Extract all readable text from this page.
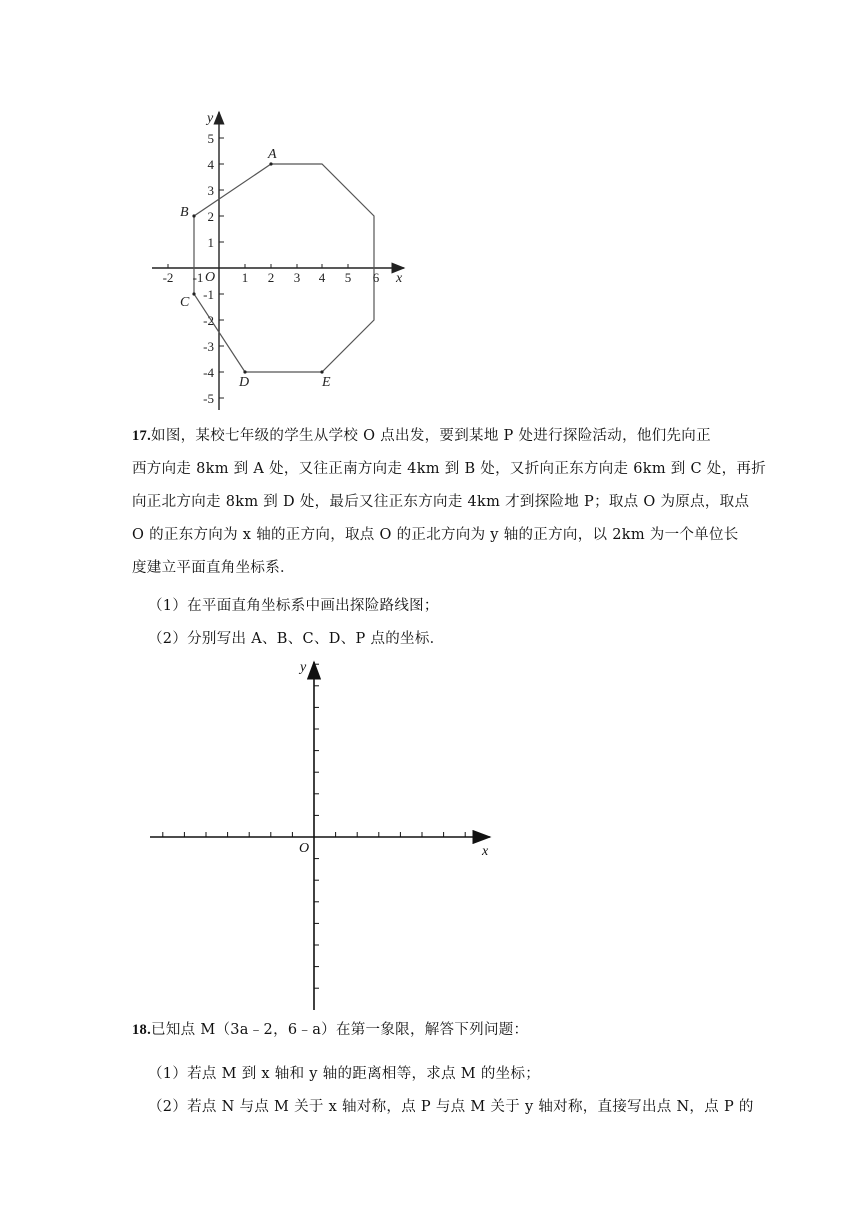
-2 -1	1 2 3 4 5 6
5
4
3
2
1
-1
-2
-3
-4
-5
O	x
y
A
B
C
D	E
17.如图，某校七年级的学生从学校 O 点出发，要到某地 P 处进行探险活动，他们先向正
西方向走 8km 到 A 处，又往正南方向走 4km 到 B 处，又折向正东方向走 6km 到 C 处，再折
向正北方向走 8km 到 D 处，最后又往正东方向走 4km 才到探险地 P；取点 O 为原点，取点
O 的正东方向为 x 轴的正方向，取点 O 的正北方向为 y 轴的正方向，以 2km 为一个单位长
度建立平面直角坐标系．
（1）在平面直角坐标系中画出探险路线图；
（2）分别写出 A、B、C、D、P 点的坐标．
O	x
y
18.已知点 M（3a﹣2，6﹣a）在第一象限，解答下列问题：
（1）若点 M 到 x 轴和 y 轴的距离相等，求点 M 的坐标；
（2）若点 N 与点 M 关于 x 轴对称，点 P 与点 M 关于 y 轴对称，直接写出点 N，点 P 的
